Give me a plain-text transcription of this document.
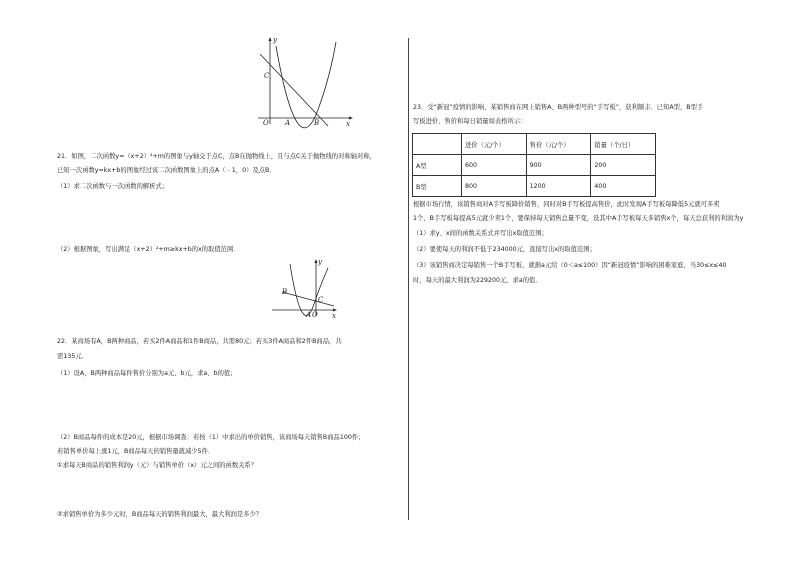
y
x
C
O A	B
21．如图，二次函数y=（x+2）²+m的图象与y轴交于点C，点B在抛物线上，且与点C关于抛物线的对称轴对称，
已知一次函数y=kx+b的图象经过该二次函数图象上的点A（﹣1，0）及点B．
（1）求二次函数与一次函数的解析式；
（2）根据图象，写出满足（x+2）²+m≥kx+b的x的取值范围．
y
x
B
A O
C
22．某商场有A，B两种商品，若买2件A商品和1件B商品，共需80元；若买3件A商品和2件B商品，共
需135元．
（1）设A，B两种商品每件售价分别为a元、b元，求a、b的值；
（2）B商品每件的成本是20元，根据市场调查：若按（1）中求出的单价销售，该商场每天销售B商品100件；
若销售单价每上涨1元，B商品每天的销售量就减少5件．
①求每天B商品的销售利润y（元）与销售单价（x）元之间的函数关系？
②求销售单价为多少元时，B商品每天的销售利润最大，最大利润是多少？
23．受“新冠”疫情的影响，某销售商在网上销售A、B两种型号的“手写板”，获利颇丰．已知A型，B型手
写板进价、售价和每日销量如表格所示：
	进价（元/个）	售价（元/个）	销量（个/日）
A型	600	900	200
B型	800	1200	400
根据市场行情，该销售商对A手写板降价销售，同时对B手写板提高售价，此时发现A手写板每降低5元就可多卖
1个，B手写板每提高5元就少卖1个，要保持每天销售总量不变，设其中A手写板每天多销售x个，每天总获利的利润为y
（1）求y、x间的函数关系式并写出x取值范围；
（2）要使每天的利润不低于234000元，直接写出x的取值范围；
（3）该销售商决定每销售一个B手写板，就捐a元给（0＜a≤100）因“新冠疫情”影响的困难家庭，当30≤x≤40
时，每天的最大利润为229200元，求a的值．
